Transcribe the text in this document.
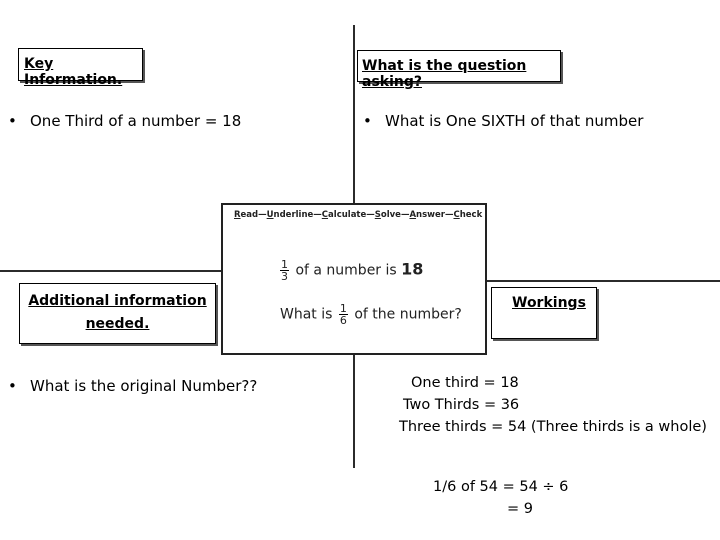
Key Information.
• One Third of a number = 18
What is the question asking?
• What is One SIXTH of that number
Read—Underline—Calculate—Solve—Answer—Check
$\frac{1}{3}$ of a number is 18
What is $\frac{1}{6}$ of the number?
Additional information
needed.
• What is the original Number??
Workings
One third = 18
Two Thirds = 36
Three thirds = 54 (Three thirds is a whole)
1/6 of 54 = 54 ÷ 6
= 9
